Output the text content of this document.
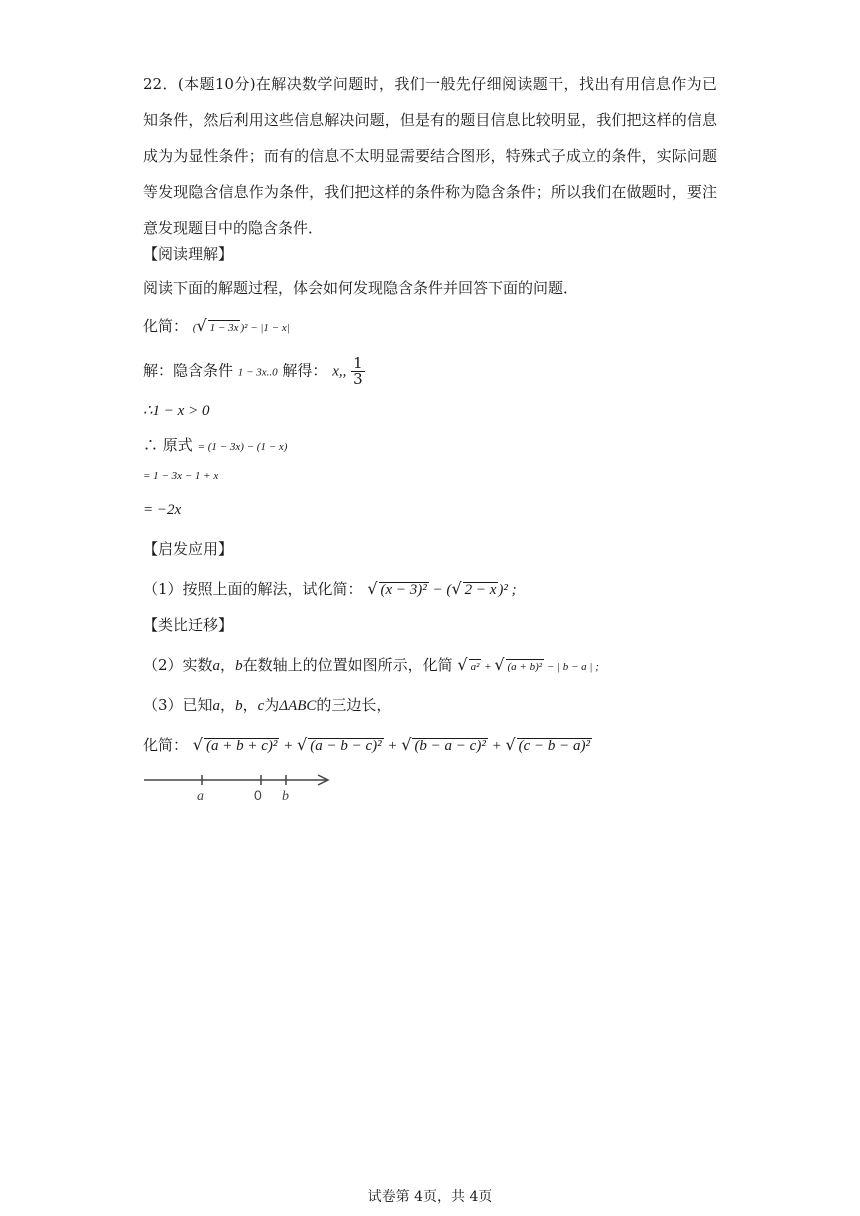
22．(本题10分)在解决数学问题时，我们一般先仔细阅读题干，找出有用信息作为已知条件，然后利用这些信息解决问题，但是有的题目信息比较明显，我们把这样的信息成为为显性条件；而有的信息不太明显需要结合图形，特殊式子成立的条件，实际问题等发现隐含信息作为条件，我们把这样的条件称为隐含条件；所以我们在做题时，要注意发现题目中的隐含条件．
【阅读理解】
阅读下面的解题过程，体会如何发现隐含条件并回答下面的问题．
化简： (√ 1 − 3x )² − |1 − x|
解：隐含条件 1 − 3x..0 解得： x,, $\frac{1}{3}$
∴1 − x > 0
∴ 原式 = (1 − 3x) − (1 − x)
= 1 − 3x − 1 + x
= −2x
【启发应用】
（1）按照上面的解法，试化简： √ (x − 3)² − (√ 2 − x )² ;
【类比迁移】
（2）实数a，b在数轴上的位置如图所示，化简 √ a² + √ (a + b)² − | b − a | ;
（3）已知a，b，c为ΔABC的三边长，
化简： √ (a + b + c)² + √ (a − b − c)² + √ (b − a − c)² + √ (c − b − a)²
a	0 b
试卷第 4页，共 4页
